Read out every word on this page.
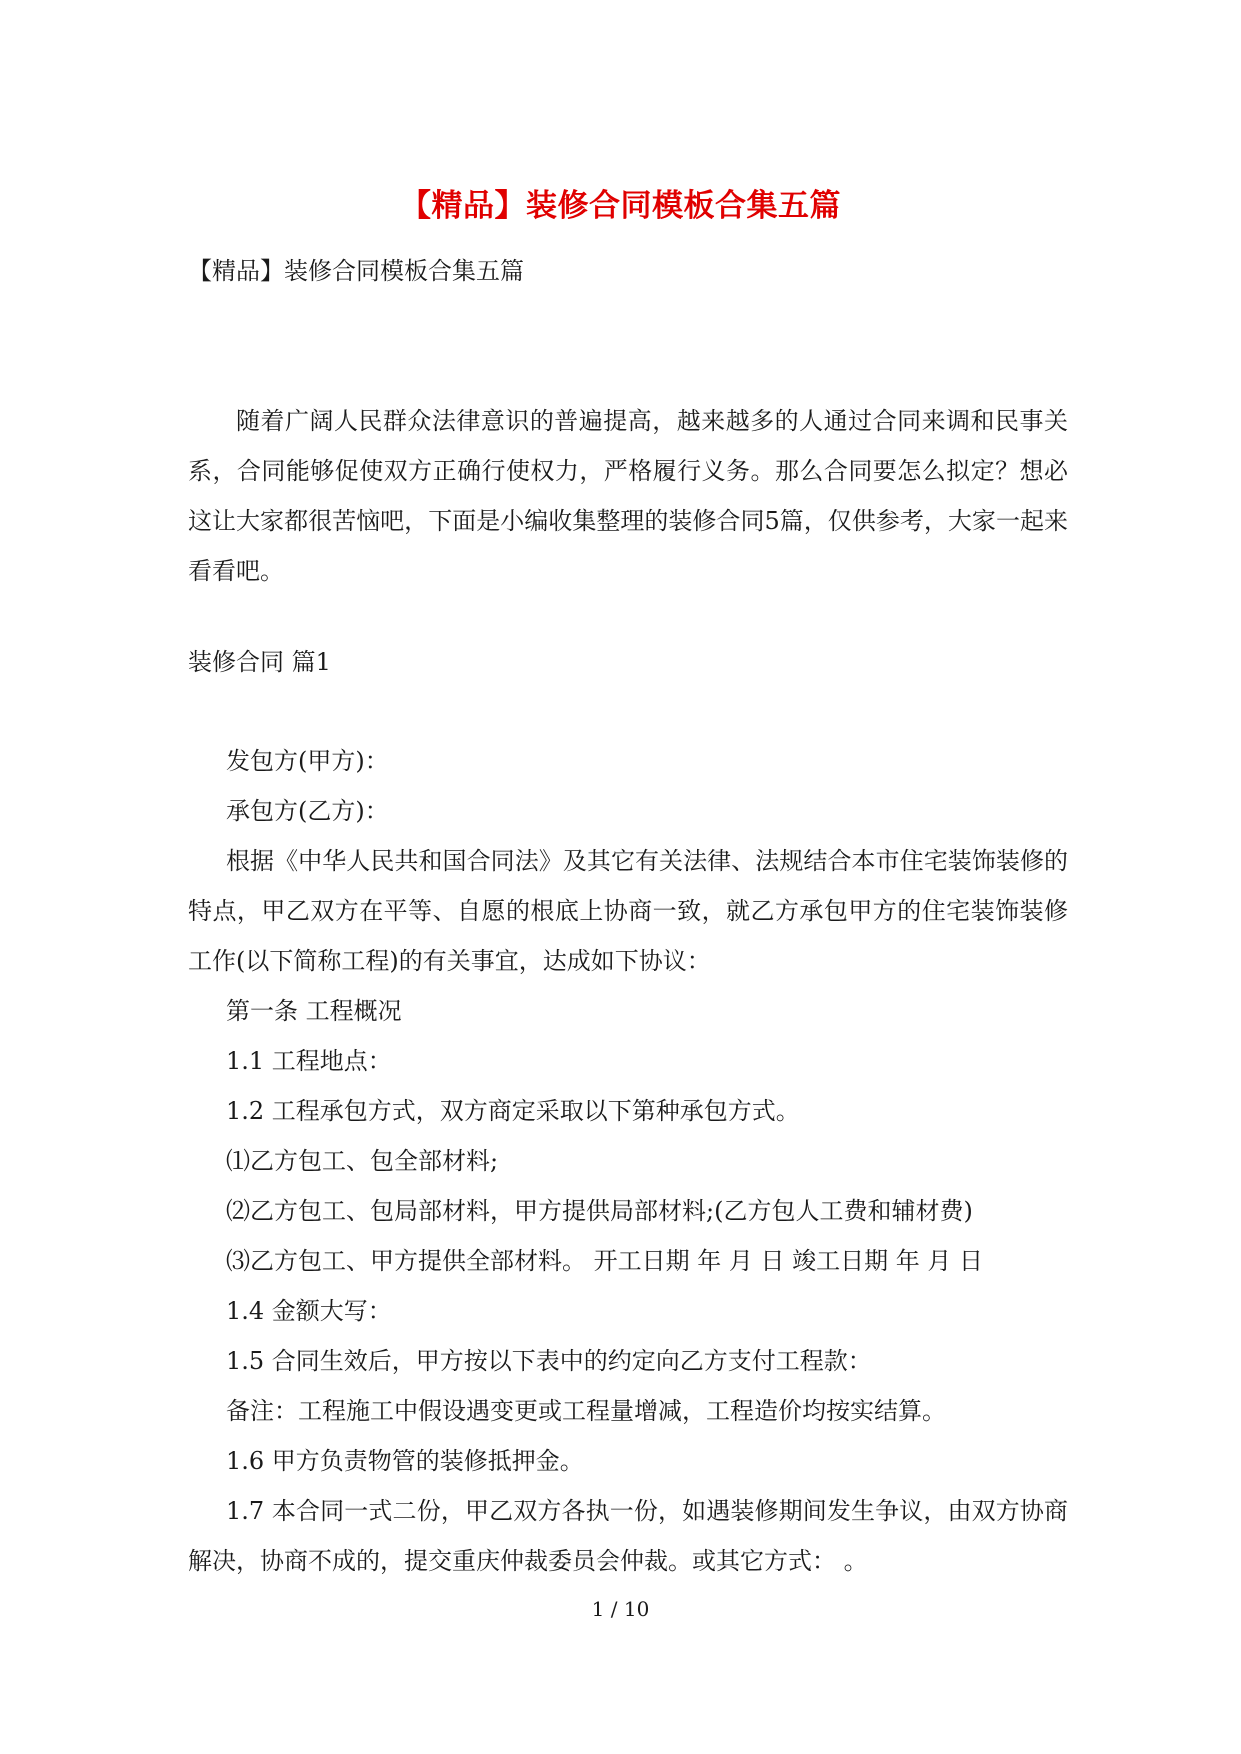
【精品】装修合同模板合集五篇
【精品】装修合同模板合集五篇

随着广阔人民群众法律意识的普遍提高，越来越多的人通过合同来调和民事关系，合同能够促使双方正确行使权力，严格履行义务。那么合同要怎么拟定？想必这让大家都很苦恼吧，下面是小编收集整理的装修合同5篇，仅供参考，大家一起来看看吧。

装修合同 篇1

发包方(甲方)：

承包方(乙方)：

根据《中华人民共和国合同法》及其它有关法律、法规结合本市住宅装饰装修的特点，甲乙双方在平等、自愿的根底上协商一致，就乙方承包甲方的住宅装饰装修工作(以下简称工程)的有关事宜，达成如下协议：

第一条 工程概况

1.1 工程地点：

1.2 工程承包方式，双方商定采取以下第种承包方式。

⑴乙方包工、包全部材料;

⑵乙方包工、包局部材料，甲方提供局部材料;(乙方包人工费和辅材费)

⑶乙方包工、甲方提供全部材料。 开工日期 年 月 日 竣工日期 年 月 日

1.4 金额大写：

1.5 合同生效后，甲方按以下表中的约定向乙方支付工程款：

备注：工程施工中假设遇变更或工程量增减，工程造价均按实结算。

1.6 甲方负责物管的装修抵押金。

1.7 本合同一式二份，甲乙双方各执一份，如遇装修期间发生争议，由双方协商解决，协商不成的，提交重庆仲裁委员会仲裁。或其它方式： 。

1 / 10
